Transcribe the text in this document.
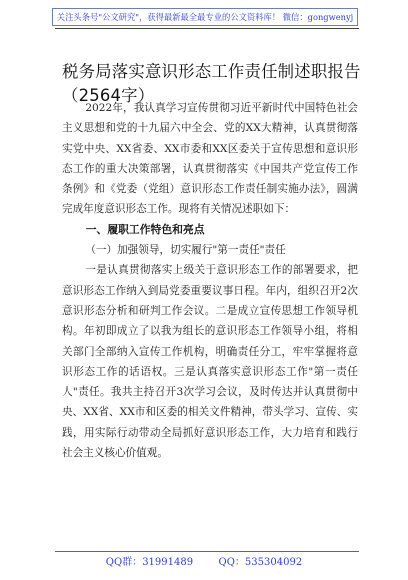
关注头条号"公文研究"，获得最新最全最专业的公文资料库！ 微信：gongwenyj
税务局落实意识形态工作责任制述职报告（2564字）

2022年，我认真学习宣传贯彻习近平新时代中国特色社会主义思想和党的十九届六中全会、党的XX大精神，认真贯彻落实党中央、XX省委、XX市委和XX区委关于宣传思想和意识形态工作的重大决策部署，认真贯彻落实《中国共产党宣传工作条例》和《党委（党组）意识形态工作责任制实施办法》，圆满完成年度意识形态工作。现将有关情况述职如下：

一、履职工作特色和亮点

（一）加强领导，切实履行"第一责任"责任

一是认真贯彻落实上级关于意识形态工作的部署要求，把意识形态工作纳入到局党委重要议事日程。年内，组织召开2次意识形态分析和研判工作会议。二是成立宣传思想工作领导机构。年初即成立了以我为组长的意识形态工作领导小组，将相关部门全部纳入宣传工作机构，明确责任分工，牢牢掌握将意识形态工作的话语权。三是认真落实意识形态工作"第一责任人"责任。我共主持召开3次学习会议，及时传达并认真贯彻中央、XX省、XX市和区委的相关文件精神，带头学习、宣传、实践，用实际行动带动全局抓好意识形态工作，大力培育和践行社会主义核心价值观。

QQ群：31991489        QQ：535304092
